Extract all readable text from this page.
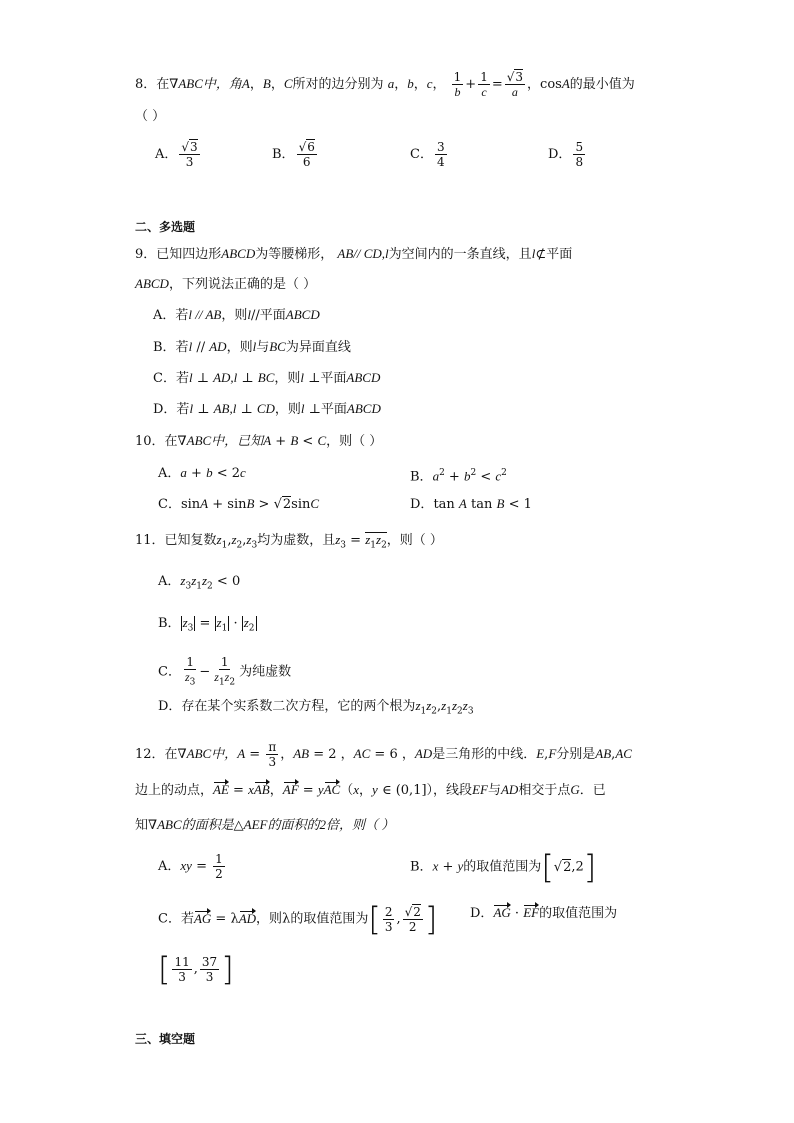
8．在∇ABC中，角A，B，C所对的边分别为 a，b，c， $\frac{1}{b} + \frac{1}{c}$ = √ $\frac{3}{a}$ ，cosA的最小值为
（ ）
A． √ $\frac{3}{3}$	B． √ $\frac{6}{6}$	C． $\frac{3}{4}$	D． $\frac{5}{8}$
二、多选题
9．已知四边形ABCD为等腰梯形， AB// CD,l为空间内的一条直线，且l⊄平面
ABCD，下列说法正确的是（ ）
A．若l // AB，则l//平面ABCD
B．若l // AD，则l与BC为异面直线
C．若l ⊥ AD,l ⊥ BC，则l ⊥平面ABCD
D．若l ⊥ AB,l ⊥ CD，则l ⊥平面ABCD
10．在∇ABC中，已知A + B < C，则（ ）
A．a + b < 2c	B．$a^2 + b^2 < c^2$
C．sinA + sinB > √ 2sinC	D．tan A tan B < 1
11．已知复数$z_1,z_2,z_3$均为虚数，且$z_3 = z_1z_2$，则（ ）
A．$z_3z_1z_2 < 0$
B． $z_3 = z_1 \cdot z_2$
C． $\frac{1}{z_3} - \frac{1}{z_1z_2}$ 为纯虚数
D．存在某个实系数二次方程，它的两个根为$z_1z_2,z_1z_2z_3$
12．在∇ABC中，$A = \frac{\pi}{3}$ ，AB = 2 ，AC = 6 ，AD是三角形的中线．E,F分别是AB,AC
边上的动点，AE = xAB，AF = yAC（x，y ∈ (0,1]），线段EF与AD相交于点G．已
知∇ABC的面积是△AEF的面积的2倍，则（ ）
A．xy = $\frac{1}{2}$	B．x + y的取值范围为[ √ 2,2]
C．若AG = λAD，则λ的取值范围为[ $\frac{2}{3}$ , √ $\frac{2}{2}$ ]	D．AG · EF的取值范围为
[ $\frac{11}{3}$ , $\frac{37}{3}$ ]
三、填空题
